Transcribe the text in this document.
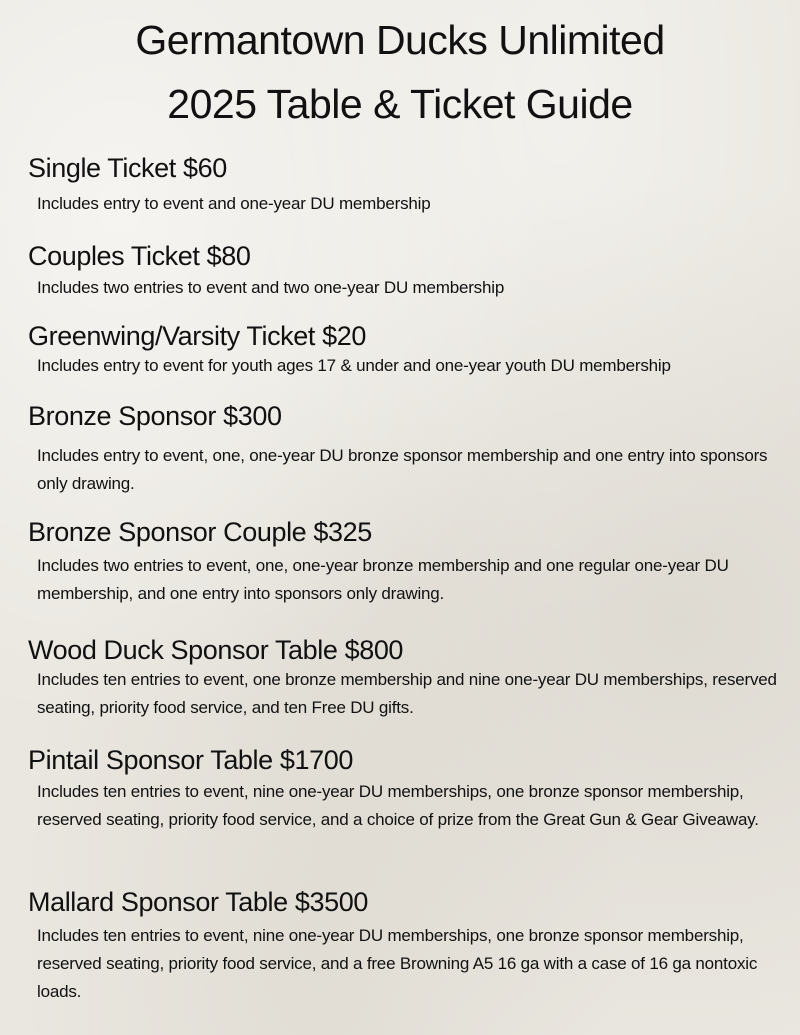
Germantown Ducks Unlimited
2025 Table & Ticket Guide
Single Ticket $60
Includes entry to event and one-year DU membership
Couples Ticket $80
Includes two entries to event and two one-year DU membership
Greenwing/Varsity Ticket $20
Includes entry to event for youth ages 17 & under and one-year youth DU membership
Bronze Sponsor $300
Includes entry to event, one, one-year DU bronze sponsor membership and one entry into sponsors only drawing.
Bronze Sponsor Couple $325
Includes two entries to event, one, one-year bronze membership and one regular one-year DU membership, and one entry into sponsors only drawing.
Wood Duck Sponsor Table $800
Includes ten entries to event, one bronze membership and nine one-year DU memberships, reserved seating, priority food service, and ten Free DU gifts.
Pintail Sponsor Table $1700
Includes ten entries to event, nine one-year DU memberships, one bronze sponsor membership, reserved seating, priority food service, and a choice of prize from the Great Gun & Gear Giveaway.
Mallard Sponsor Table $3500
Includes ten entries to event, nine one-year DU memberships, one bronze sponsor membership, reserved seating, priority food service, and a free Browning A5 16 ga with a case of 16 ga nontoxic loads.
